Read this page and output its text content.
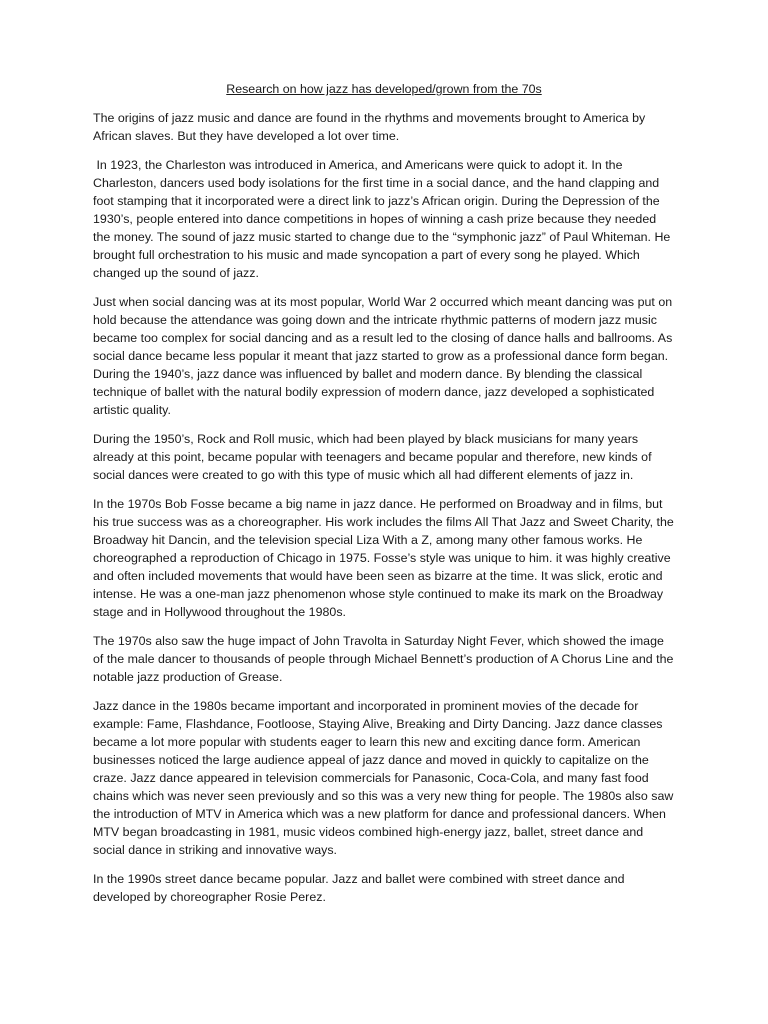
Research on how jazz has developed/grown from the 70s

The origins of jazz music and dance are found in the rhythms and movements brought to America by African slaves. But they have developed a lot over time.

In 1923, the Charleston was introduced in America, and Americans were quick to adopt it. In the Charleston, dancers used body isolations for the first time in a social dance, and the hand clapping and foot stamping that it incorporated were a direct link to jazz’s African origin. During the Depression of the 1930’s, people entered into dance competitions in hopes of winning a cash prize because they needed the money. The sound of jazz music started to change due to the “symphonic jazz” of Paul Whiteman. He brought full orchestration to his music and made syncopation a part of every song he played. Which changed up the sound of jazz.

Just when social dancing was at its most popular, World War 2 occurred which meant dancing was put on hold because the attendance was going down and the intricate rhythmic patterns of modern jazz music became too complex for social dancing and as a result led to the closing of dance halls and ballrooms. As social dance became less popular it meant that jazz started to grow as a professional dance form began. During the 1940’s, jazz dance was influenced by ballet and modern dance. By blending the classical technique of ballet with the natural bodily expression of modern dance, jazz developed a sophisticated artistic quality.

During the 1950’s, Rock and Roll music, which had been played by black musicians for many years already at this point, became popular with teenagers and became popular and therefore, new kinds of social dances were created to go with this type of music which all had different elements of jazz in.

In the 1970s Bob Fosse became a big name in jazz dance. He performed on Broadway and in films, but his true success was as a choreographer. His work includes the films All That Jazz and Sweet Charity, the Broadway hit Dancin, and the television special Liza With a Z, among many other famous works. He choreographed a reproduction of Chicago in 1975. Fosse’s style was unique to him. it was highly creative and often included movements that would have been seen as bizarre at the time. It was slick, erotic and intense. He was a one-man jazz phenomenon whose style continued to make its mark on the Broadway stage and in Hollywood throughout the 1980s.

The 1970s also saw the huge impact of John Travolta in Saturday Night Fever, which showed the image of the male dancer to thousands of people through Michael Bennett’s production of A Chorus Line and the notable jazz production of Grease.

Jazz dance in the 1980s became important and incorporated in prominent movies of the decade for example: Fame, Flashdance, Footloose, Staying Alive, Breaking and Dirty Dancing. Jazz dance classes became a lot more popular with students eager to learn this new and exciting dance form. American businesses noticed the large audience appeal of jazz dance and moved in quickly to capitalize on the craze. Jazz dance appeared in television commercials for Panasonic, Coca-Cola, and many fast food chains which was never seen previously and so this was a very new thing for people. The 1980s also saw the introduction of MTV in America which was a new platform for dance and professional dancers. When MTV began broadcasting in 1981, music videos combined high-energy jazz, ballet, street dance and social dance in striking and innovative ways.

In the 1990s street dance became popular. Jazz and ballet were combined with street dance and developed by choreographer Rosie Perez.
